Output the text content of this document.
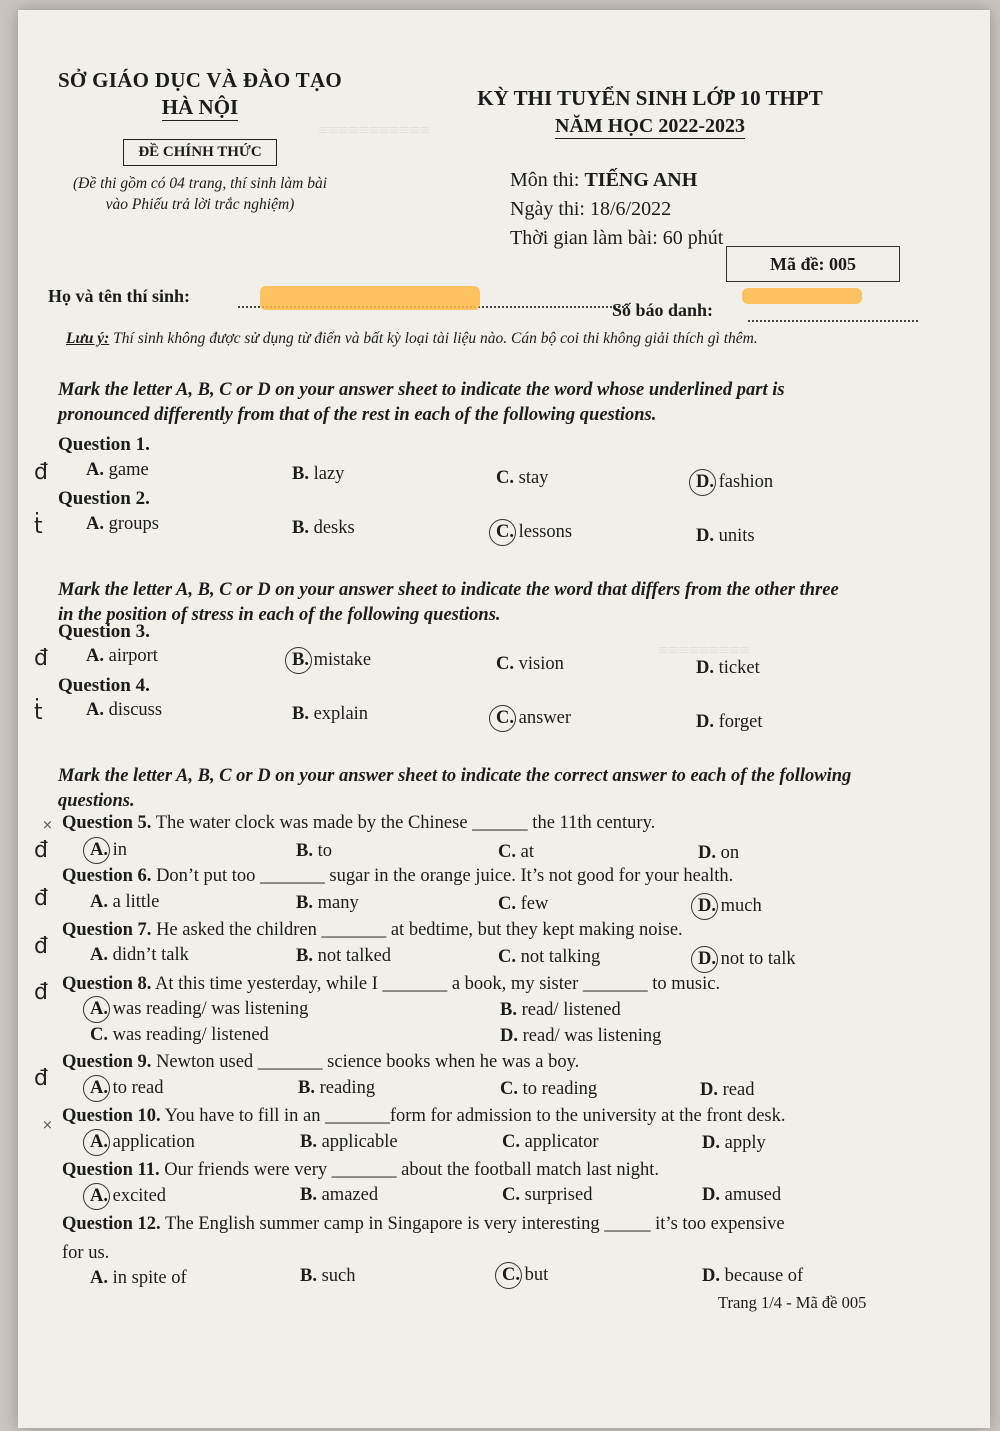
≡≡≡≡≡≡≡≡≡≡≡
≡≡≡≡≡≡≡≡≡
SỞ GIÁO DỤC VÀ ĐÀO TẠO
HÀ NỘI
ĐỀ CHÍNH THỨC
(Đề thi gồm có 04 trang, thí sinh làm bài
vào Phiếu trả lời trắc nghiệm)
KỲ THI TUYỂN SINH LỚP 10 THPT
NĂM HỌC 2022-2023
Môn thi: TIẾNG ANH
Ngày thi: 18/6/2022
Thời gian làm bài: 60 phút
Mã đề: 005
Họ và tên thí sinh:
Số báo danh:
Lưu ý: Thí sinh không được sử dụng từ điển và bất kỳ loại tài liệu nào. Cán bộ coi thi không giải thích gì thêm.
Mark the letter A, B, C or D on your answer sheet to indicate the word whose underlined part is
pronounced differently from that of the rest in each of the following questions.
Question 1.
đ A. game	B. lazy	C. stay	D. fashion
Question 2.
ṫ A. groups	B. desks	C. lessons	D. units
Mark the letter A, B, C or D on your answer sheet to indicate the word that differs from the other three
in the position of stress in each of the following questions.
Question 3.
đ A. airport	B. mistake	C. vision	D. ticket
Question 4.
ṫ A. discuss	B. explain	C. answer	D. forget
Mark the letter A, B, C or D on your answer sheet to indicate the correct answer to each of the following
questions.
× Question 5. The water clock was made by the Chinese ______ the 11th century.
đ A. in	B. to	C. at	D. on
Question 6. Don’t put too _______ sugar in the orange juice. It’s not good for your health.
đ A. a little	B. many	C. few	D. much
Question 7. He asked the children _______ at bedtime, but they kept making noise.
đ A. didn’t talk	B. not talked	C. not talking	D. not to talk
Question 8. At this time yesterday, while I _______ a book, my sister _______ to music.
đ
A. was reading/ was listening	B. read/ listened
C. was reading/ listened	D. read/ was listening
Question 9. Newton used _______ science books when he was a boy.
đ A. to read	B. reading	C. to reading	D. read
× Question 10. You have to fill in an _______form for admission to the university at the front desk.
A. application	B. applicable	C. applicator	D. apply
Question 11. Our friends were very _______ about the football match last night.
A. excited	B. amazed	C. surprised	D. amused
Question 12. The English summer camp in Singapore is very interesting _____ it’s too expensive
for us.
A. in spite of	B. such	C. but	D. because of
Trang 1/4 - Mã đề 005
